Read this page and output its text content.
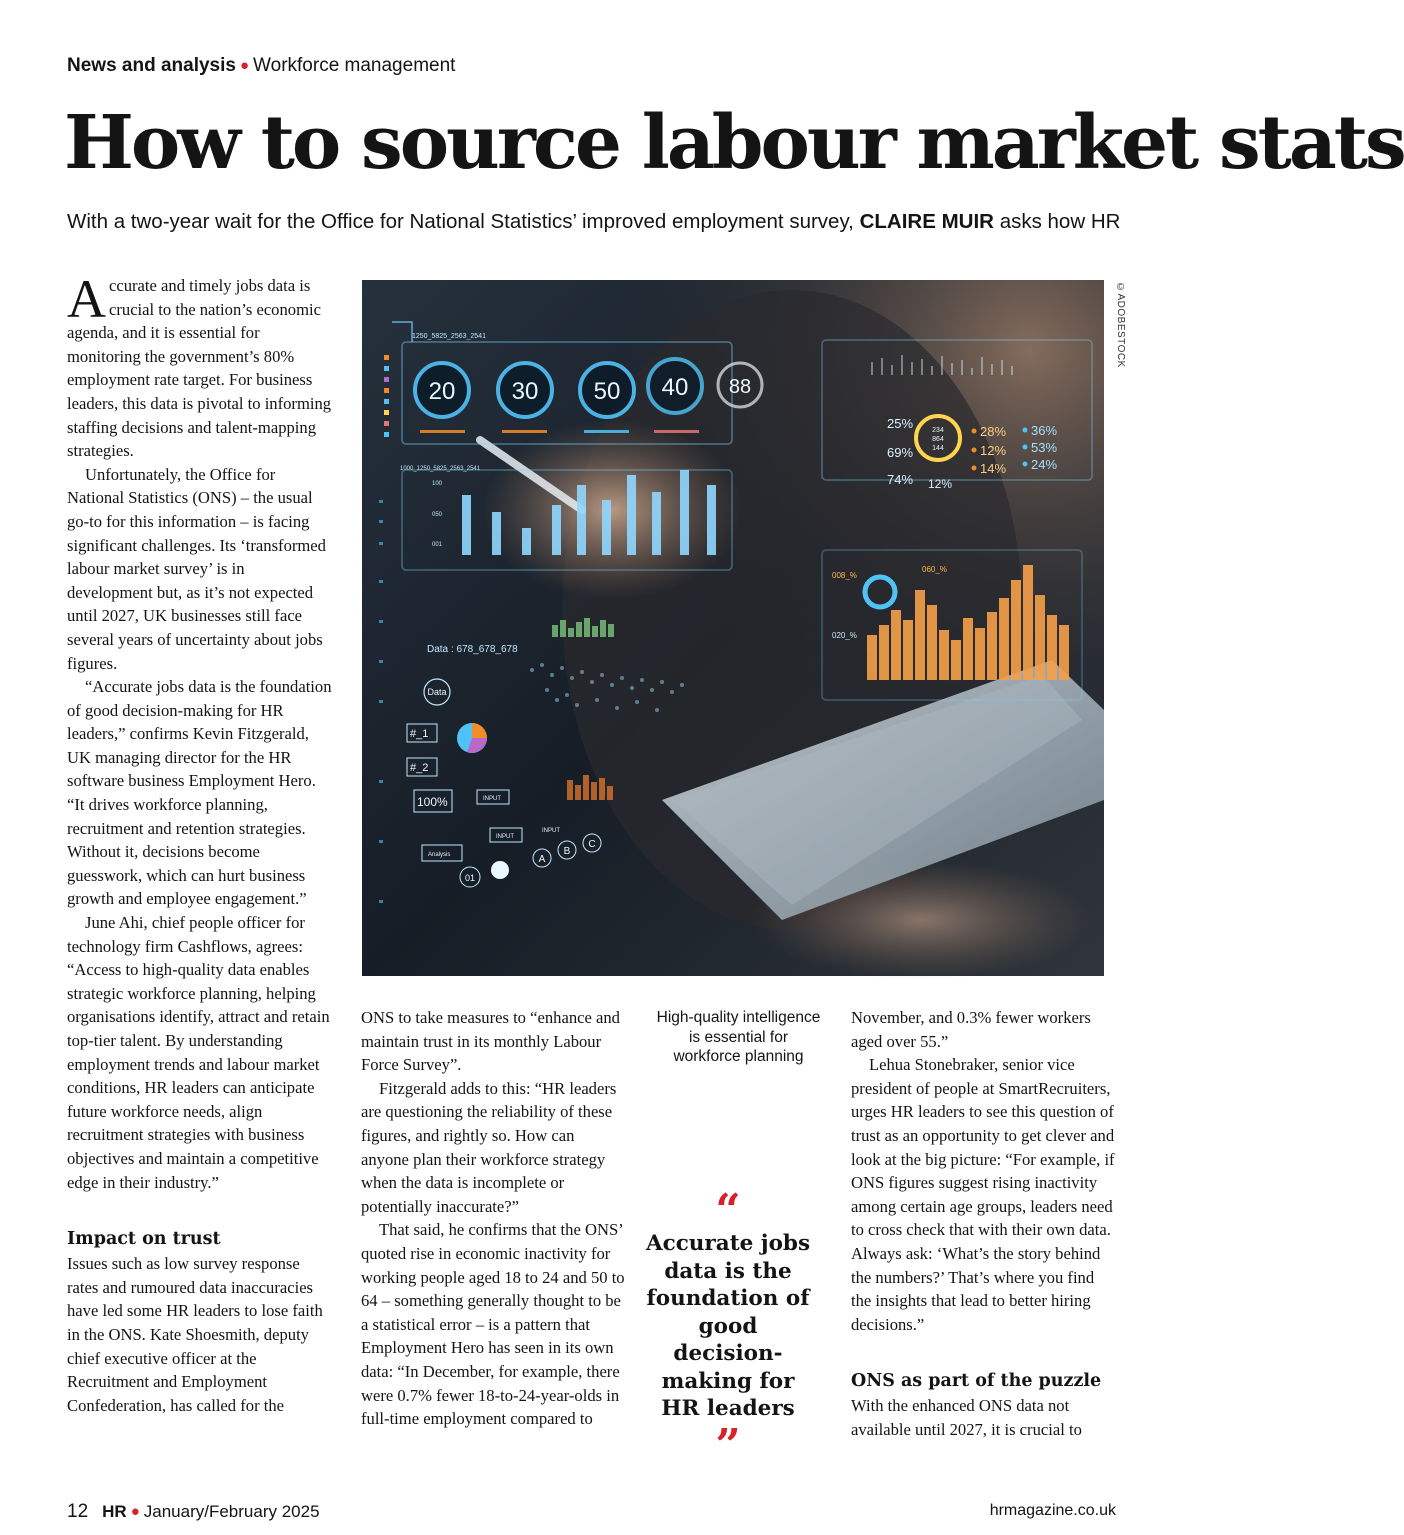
News and analysis ● Workforce management
How to source labour market stats
With a two-year wait for the Office for National Statistics’ improved employment survey, CLAIRE MUIR asks how HR

Accurate and timely jobs data is crucial to the nation’s economic agenda, and it is essential for monitoring the government’s 80% employment rate target. For business leaders, this data is pivotal to informing staffing decisions and talent-mapping strategies.

Unfortunately, the Office for National Statistics (ONS) – the usual go-to for this information – is facing significant challenges. Its ‘transformed labour market survey’ is in development but, as it’s not expected until 2027, UK businesses still face several years of uncertainty about jobs figures.

“Accurate jobs data is the foundation of good decision-making for HR leaders,” confirms Kevin Fitzgerald, UK managing director for the HR software business Employment Hero. “It drives workforce planning, recruitment and retention strategies. Without it, decisions become guesswork, which can hurt business growth and employee engagement.”

June Ahi, chief people officer for technology firm Cashflows, agrees: “Access to high-quality data enables strategic workforce planning, helping organisations identify, attract and retain top-tier talent. By understanding employment trends and labour market conditions, HR leaders can anticipate future workforce needs, align recruitment strategies with business objectives and maintain a competitive edge in their industry.”

Impact on trust

Issues such as low survey response rates and rumoured data inaccuracies have led some HR leaders to lose faith in the ONS. Kate Shoesmith, deputy chief executive officer at the Recruitment and Employment Confederation, has called for the

1250_5825_2563_2541
1000_1250_5825_2563_2541
20 30 50 40 88
100
050
001
25%
69%
74%
234
864
144
12%
28%
12%
14%
36%
53%
24%
008_%
060_%
020_%
Data : 678_678_678
Data
#_1
#_2
100%	INPUT
INPUT
INPUT
Analysis
01
A
B
C
©ADOBESTOCK

ONS to take measures to “enhance and maintain trust in its monthly Labour Force Survey”.

Fitzgerald adds to this: “HR leaders are questioning the reliability of these figures, and rightly so. How can anyone plan their workforce strategy when the data is incomplete or potentially inaccurate?”

That said, he confirms that the ONS’ quoted rise in economic inactivity for working people aged 18 to 24 and 50 to 64 – something generally thought to be a statistical error – is a pattern that Employment Hero has seen in its own data: “In December, for example, there were 0.7% fewer 18-to-24-year-olds in full-time employment compared to

High-quality intelligence is essential for workforce planning
“
Accurate jobs data is the foundation of good decision-making for HR leaders
”

November, and 0.3% fewer workers aged over 55.”

Lehua Stonebraker, senior vice president of people at SmartRecruiters, urges HR leaders to see this question of trust as an opportunity to get clever and look at the big picture: “For example, if ONS figures suggest rising inactivity among certain age groups, leaders need to cross check that with their own data. Always ask: ‘What’s the story behind the numbers?’ That’s where you find the insights that lead to better hiring decisions.”

ONS as part of the puzzle

With the enhanced ONS data not available until 2027, it is crucial to

12 HR ● January/February 2025	hrmagazine.co.uk
